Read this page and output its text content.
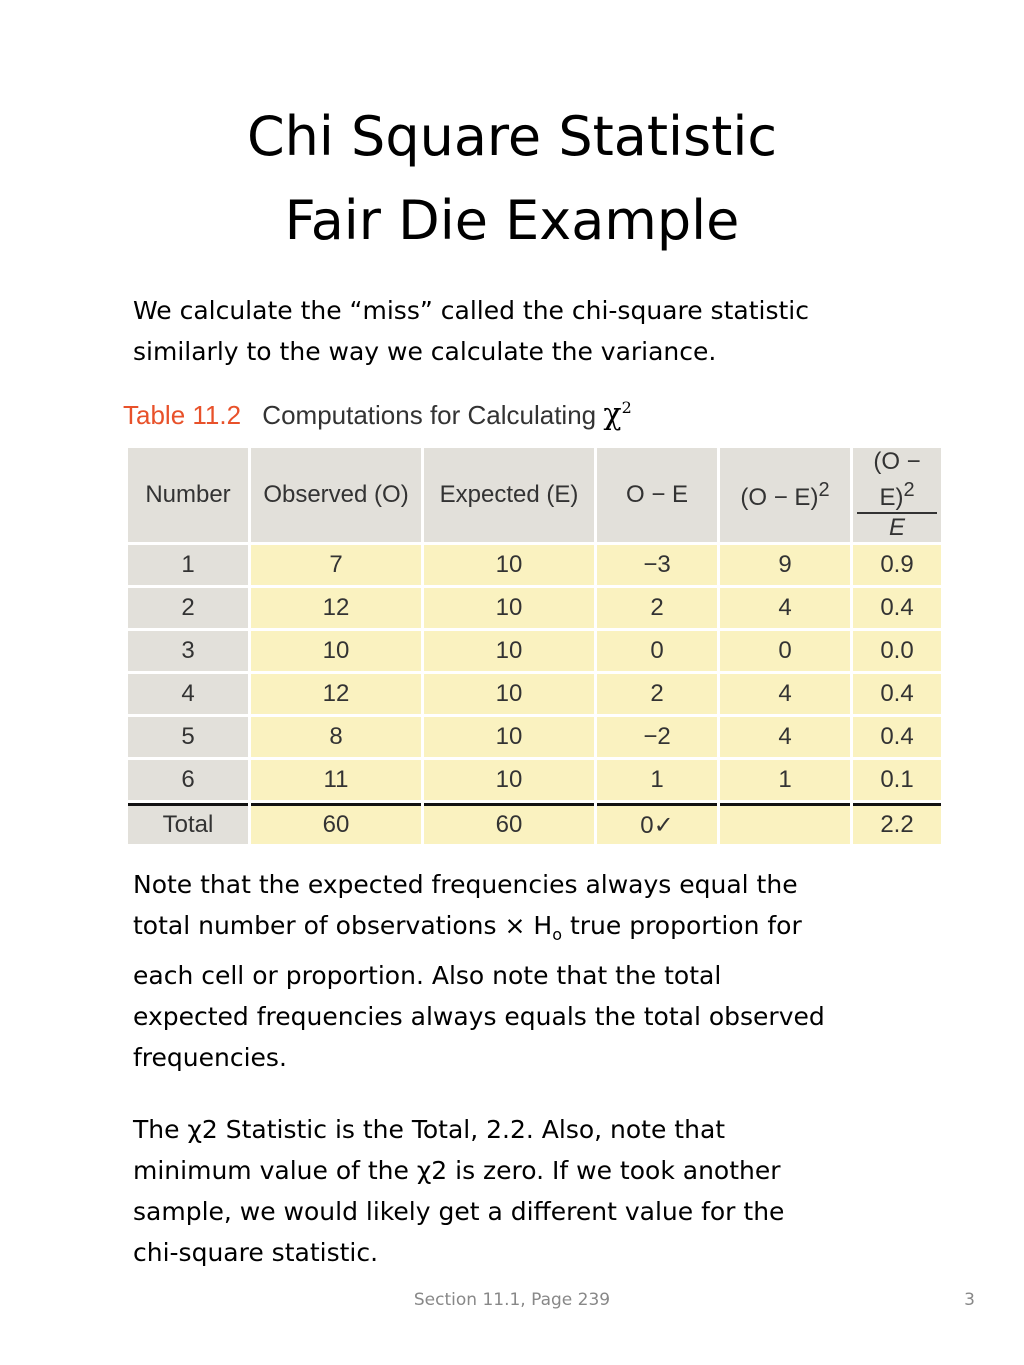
Chi Square Statistic
Fair Die Example
We calculate the “miss” called the chi-square statistic
similarly to the way we calculate the variance.
Table 11.2 Computations for Calculating $\chi^2$
Number	Observed (O)	Expected (E)	O − E	$(O - E)^2$	$\frac{(O - E)^2}{E}$

1	7	10	−3	9	0.9
2	12	10	2	4	0.4
3	10	10	0	0	0.0
4	12	10	2	4	0.4
5	8	10	−2	4	0.4
6	11	10	1	1	0.1
Total	60	60	0✓		2.2
Note that the expected frequencies always equal the
total number of observations × $H_o$ true proportion for
each cell or proportion. Also note that the total
expected frequencies always equals the total observed
frequencies.
The χ2 Statistic is the Total, 2.2. Also, note that
minimum value of the χ2 is zero. If we took another
sample, we would likely get a different value for the
chi-square statistic.
Section 11.1, Page 239	3
